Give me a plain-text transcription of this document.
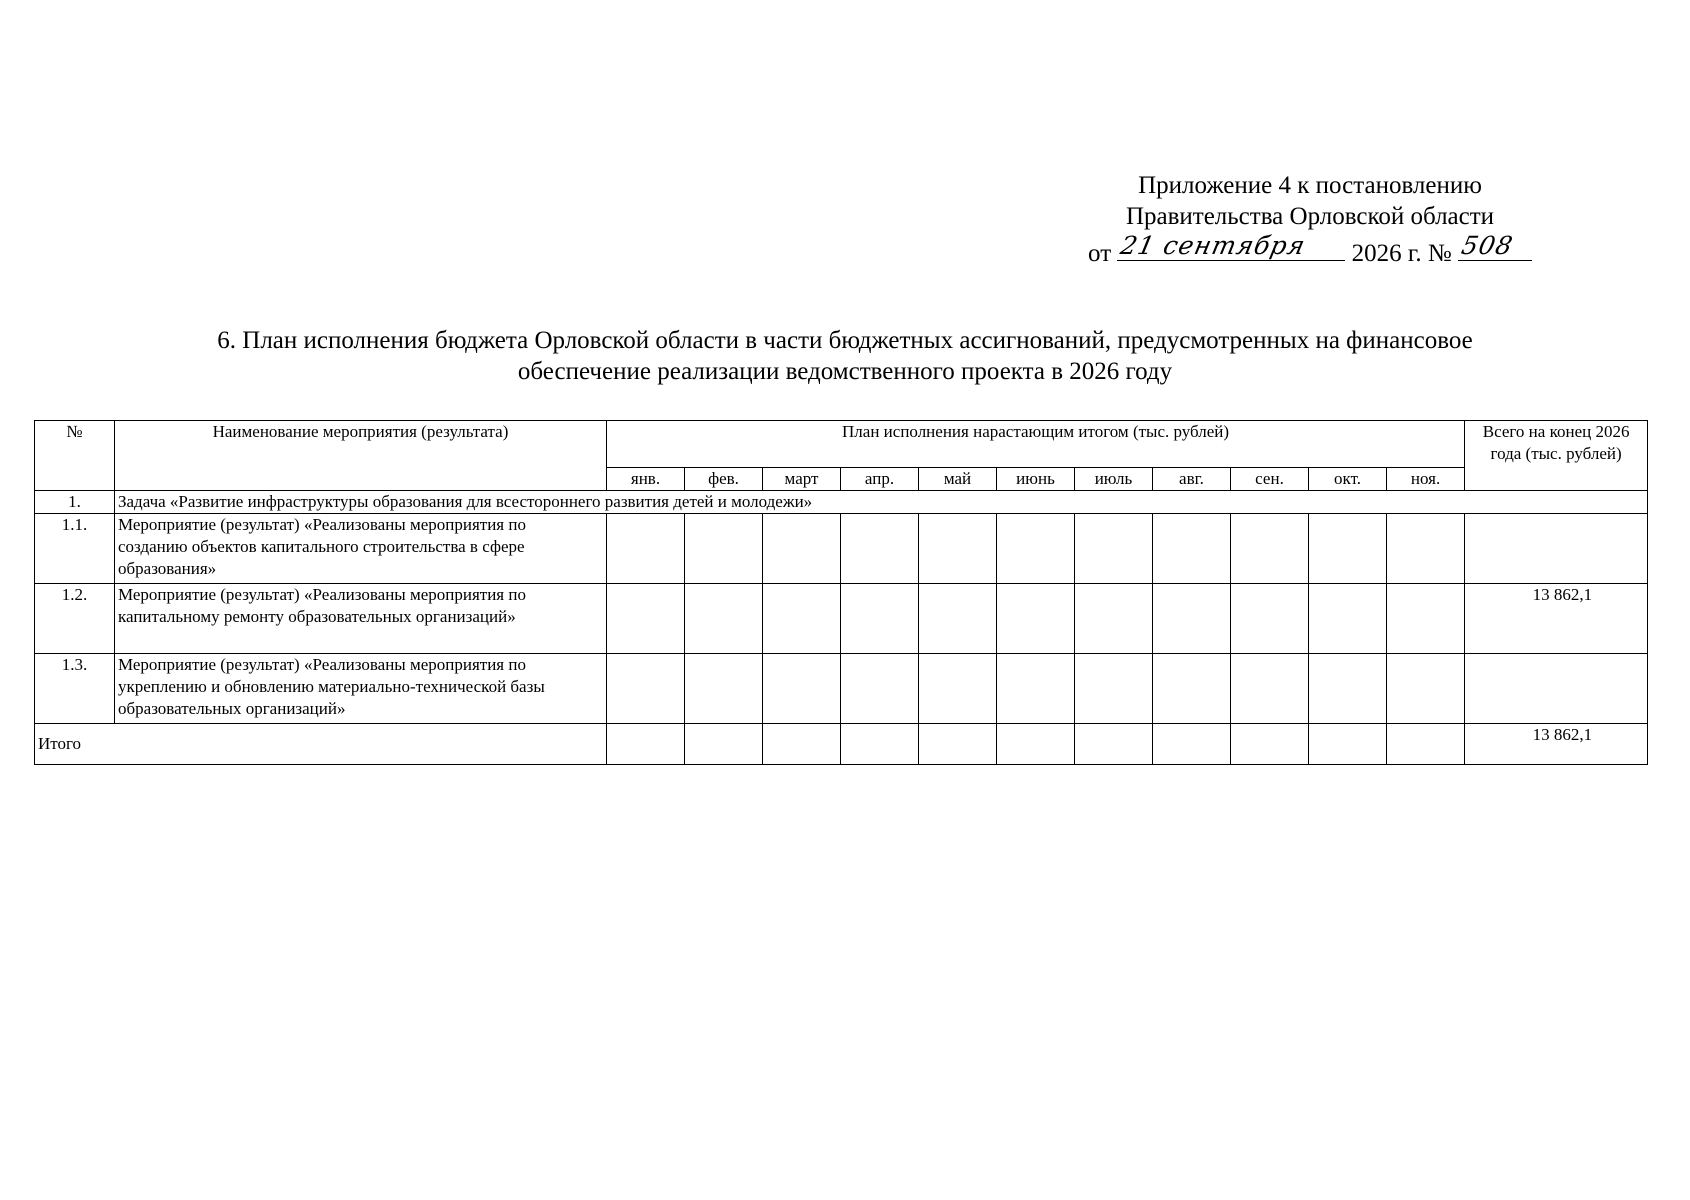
Приложение 4 к постановлению
Правительства Орловской области
от 21 сентября 2026 г. № 508
6. План исполнения бюджета Орловской области в части бюджетных ассигнований, предусмотренных на финансовое
обеспечение реализации ведомственного проекта в 2026 году
№	Наименование мероприятия (результата)	План исполнения нарастающим итогом (тыс. рублей)											Всего на конец 2026 года (тыс. рублей)
		янв.	фев.	март	апр.	май	июнь	июль	авг.	сен.	окт.	ноя.	
1.	Задача «Развитие инфраструктуры образования для всестороннего развития детей и молодежи»												
1.1.	Мероприятие (результат) «Реализованы мероприятия по созданию объектов капитального строительства в сфере образования»												
1.2.	Мероприятие (результат) «Реализованы мероприятия по капитальному ремонту образовательных организаций»												13 862,1
1.3.	Мероприятие (результат) «Реализованы мероприятия по укреплению и обновлению материально-технической базы образовательных организаций»												
Итого													13 862,1
